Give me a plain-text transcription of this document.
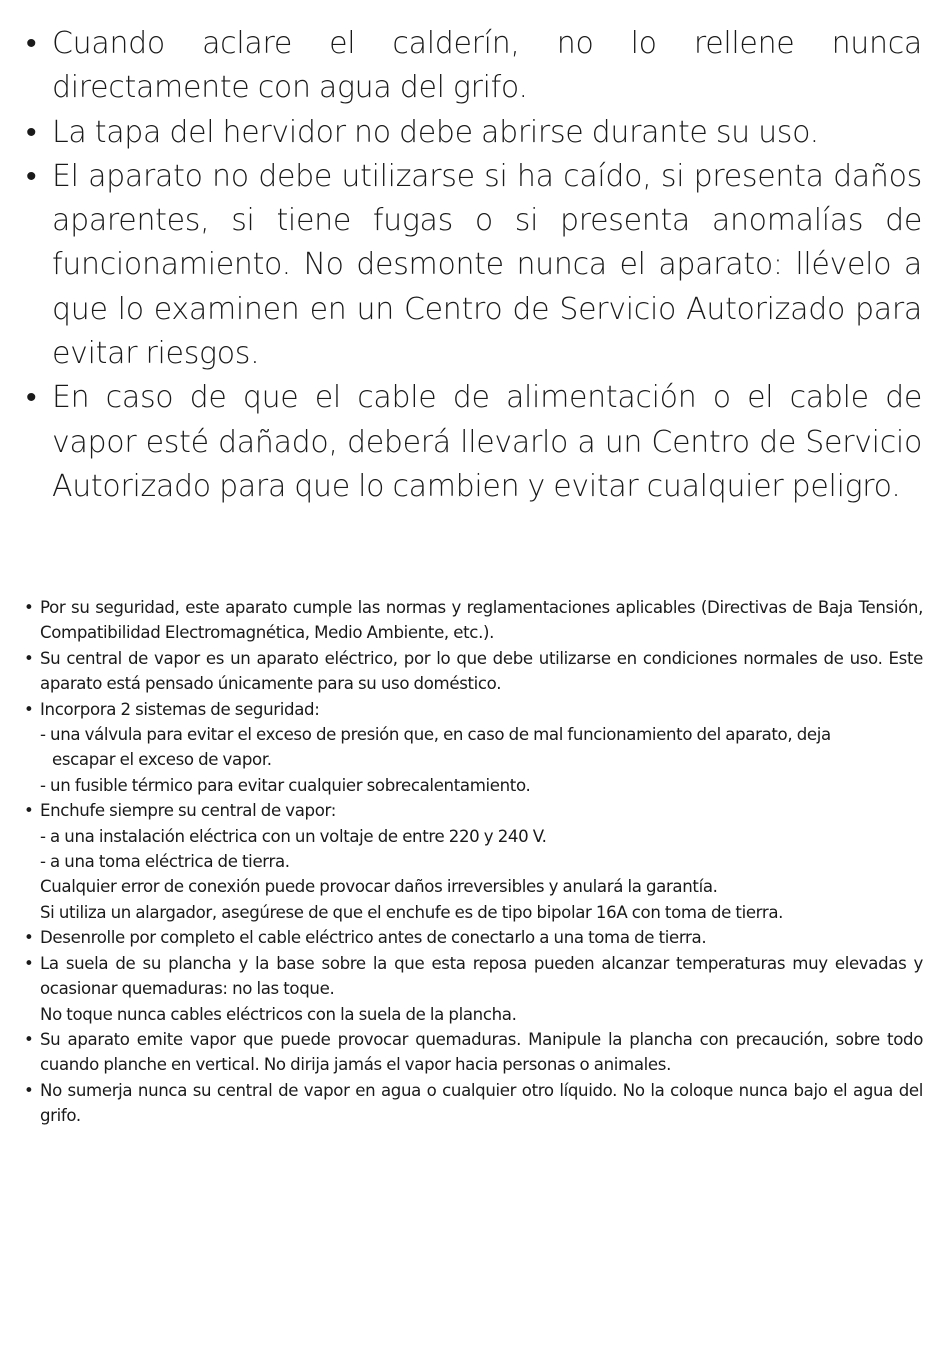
• Cuando aclare el calderín, no lo rellene nunca directamente con agua del grifo.
• La tapa del hervidor no debe abrirse durante su uso.
• El aparato no debe utilizarse si ha caído, si presenta daños aparentes, si tiene fugas o si presenta anomalías de funcionamiento. No desmonte nunca el aparato: llévelo a que lo examinen en un Centro de Servicio Autorizado para evitar riesgos.
• En caso de que el cable de alimentación o el cable de vapor esté dañado, deberá llevarlo a un Centro de Servicio Autorizado para que lo cambien y evitar cualquier peligro.
• Por su seguridad, este aparato cumple las normas y reglamentaciones aplicables (Directivas de Baja Tensión, Compatibilidad Electromagnética, Medio Ambiente, etc.).
• Su central de vapor es un aparato eléctrico, por lo que debe utilizarse en condiciones normales de uso. Este aparato está pensado únicamente para su uso doméstico.
• Incorpora 2 sistemas de seguridad:
- una válvula para evitar el exceso de presión que, en caso de mal funcionamiento del aparato, deja
escapar el exceso de vapor.
- un fusible térmico para evitar cualquier sobrecalentamiento.
• Enchufe siempre su central de vapor:
- a una instalación eléctrica con un voltaje de entre 220 y 240 V.
- a una toma eléctrica de tierra.
Cualquier error de conexión puede provocar daños irreversibles y anulará la garantía.
Si utiliza un alargador, asegúrese de que el enchufe es de tipo bipolar 16A con toma de tierra.
• Desenrolle por completo el cable eléctrico antes de conectarlo a una toma de tierra.
• La suela de su plancha y la base sobre la que esta reposa pueden alcanzar temperaturas muy elevadas y ocasionar quemaduras: no las toque.
No toque nunca cables eléctricos con la suela de la plancha.
• Su aparato emite vapor que puede provocar quemaduras. Manipule la plancha con precaución, sobre todo cuando planche en vertical. No dirija jamás el vapor hacia personas o animales.
• No sumerja nunca su central de vapor en agua o cualquier otro líquido. No la coloque nunca bajo el agua del grifo.
